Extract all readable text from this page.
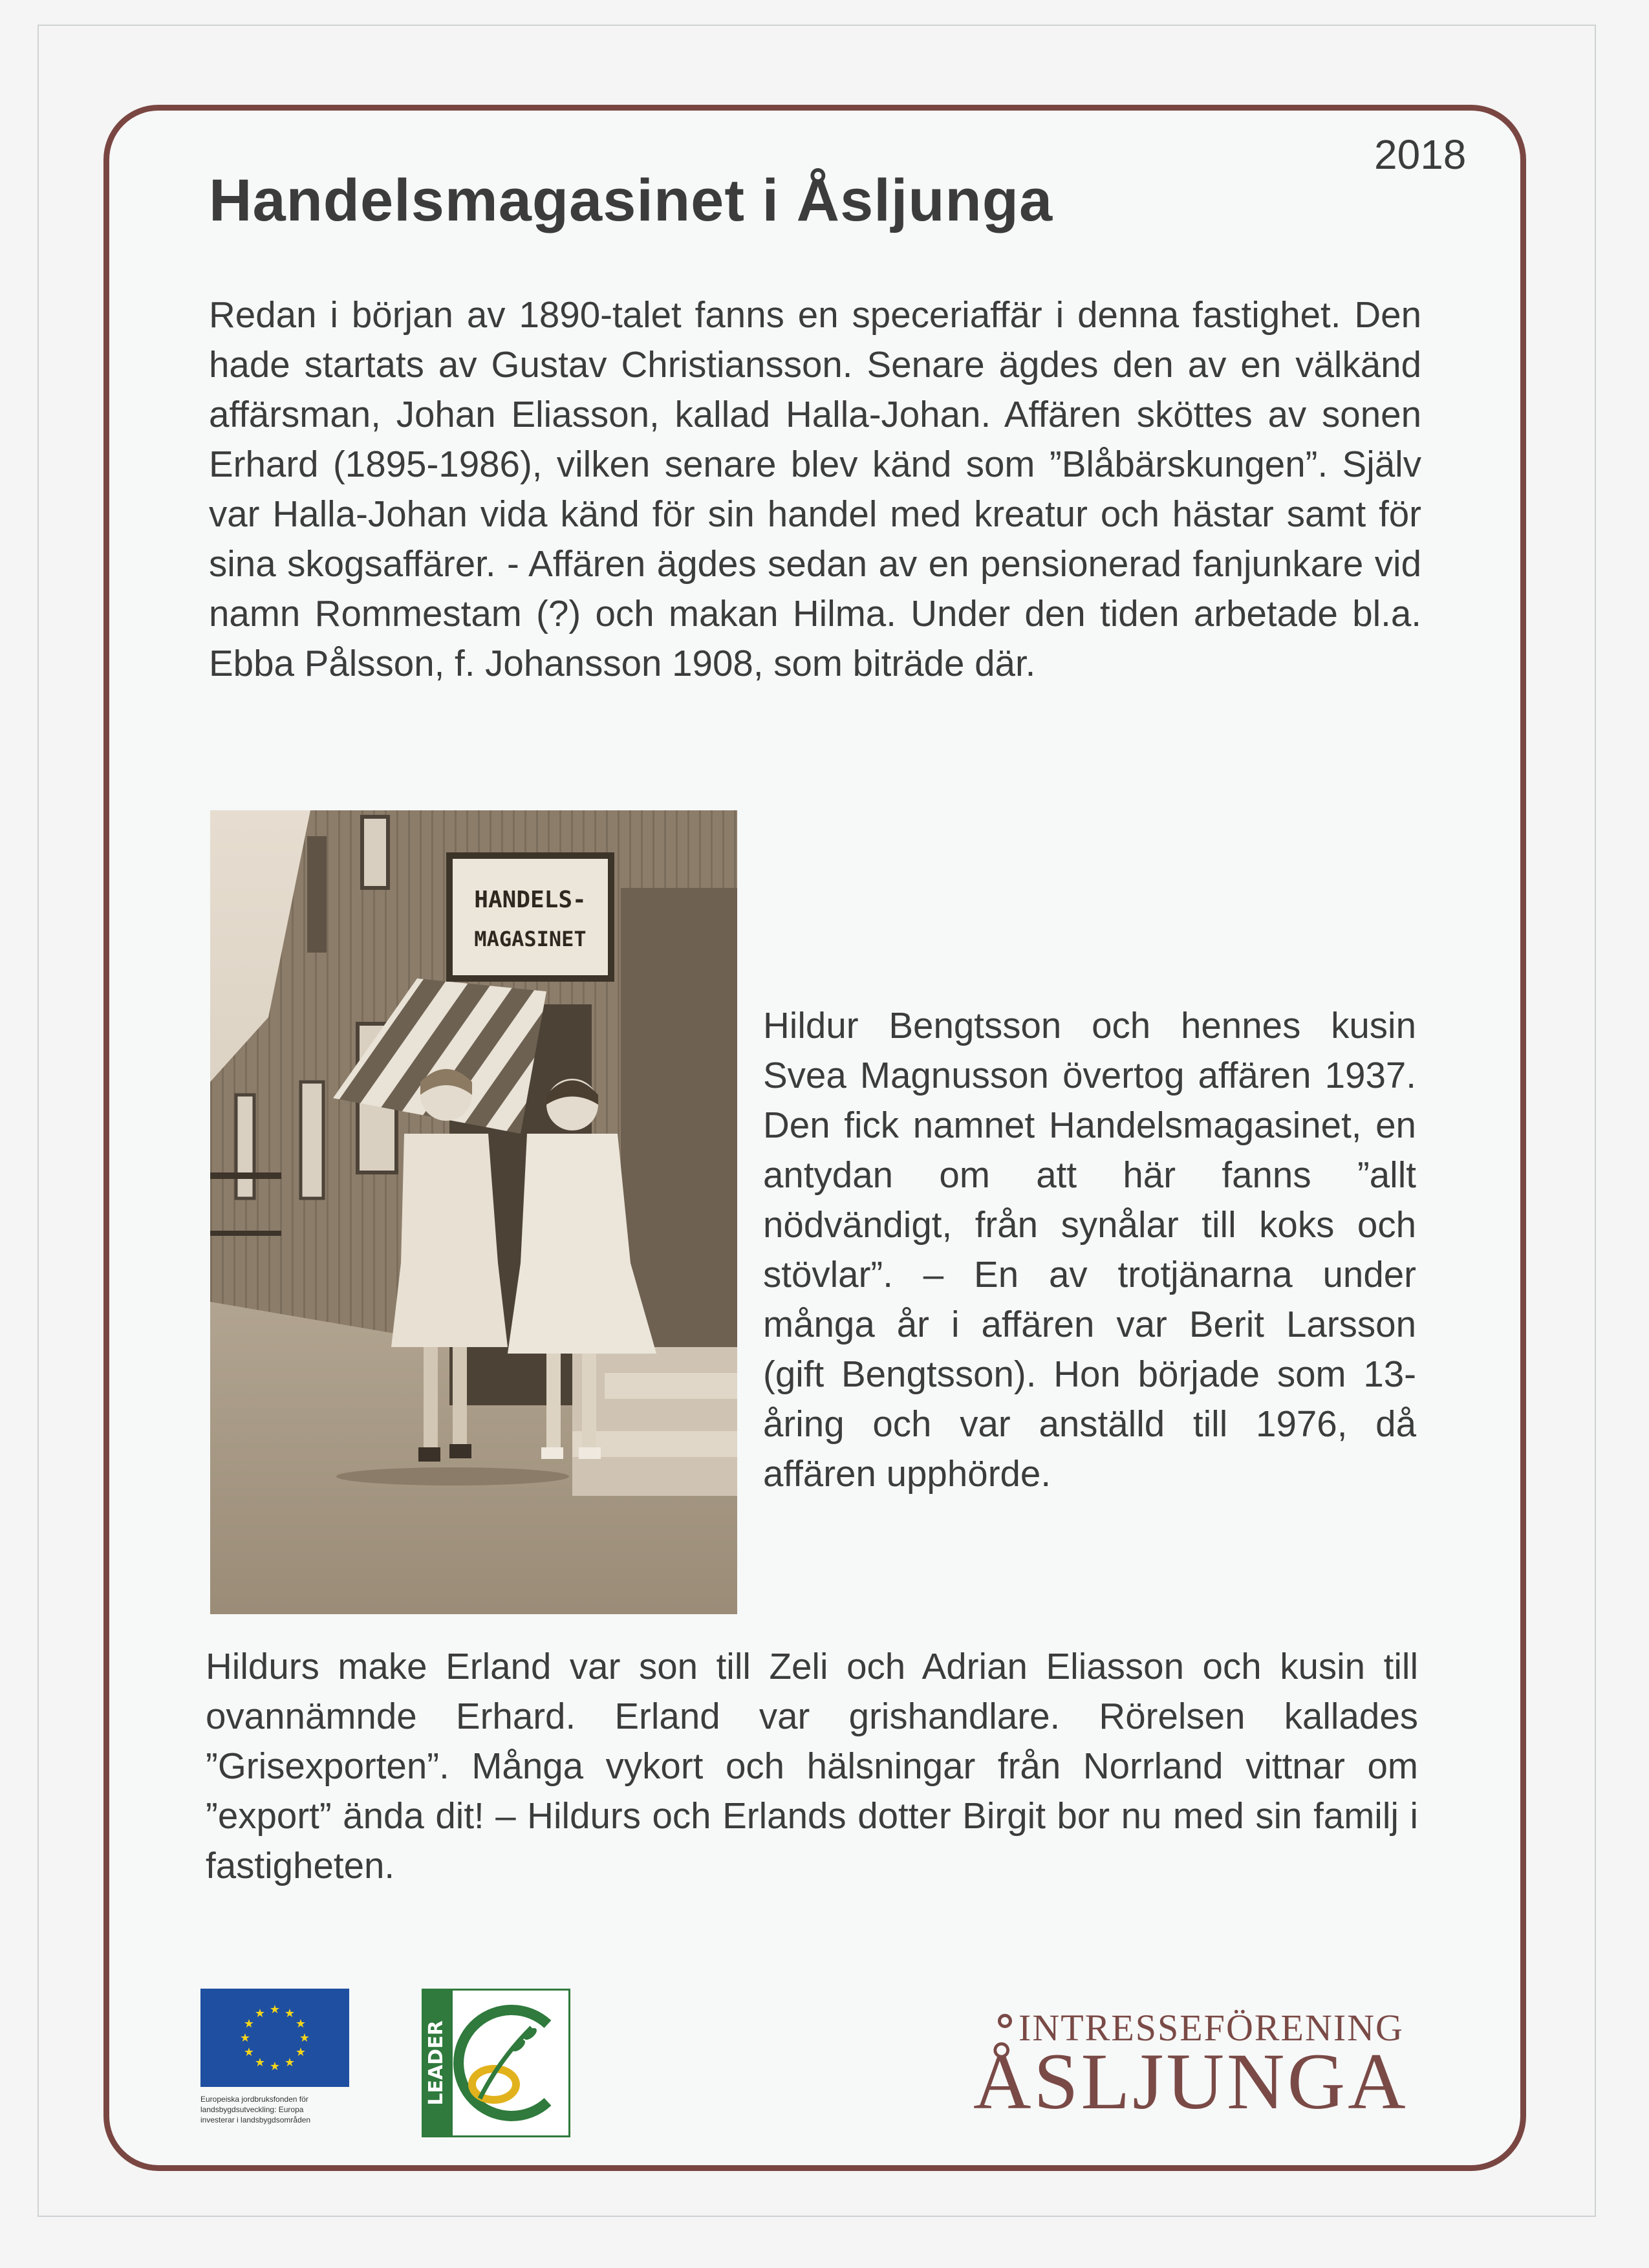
Handelsmagasinet i Åsljunga
2018

Redan i början av 1890-talet fanns en speceriaffär i denna fastighet. Den hade startats av Gustav Christiansson. Senare ägdes den av en välkänd affärsman, Johan Eliasson, kallad Halla-Johan. Affären sköttes av sonen Erhard (1895-1986), vilken senare blev känd som ”Blåbärskungen”. Själv var Halla-Johan vida känd för sin handel med kreatur och hästar samt för sina skogsaffärer. - Affären ägdes sedan av en pensionerad fanjunkare vid namn Rommestam (?) och makan Hilma. Under den tiden arbetade bl.a. Ebba Pålsson, f. Johansson 1908, som biträde där.

HANDELS-
MAGASINET

Hildur Bengtsson och hennes kusin Svea Magnusson övertog affären 1937. Den fick namnet Handelsmagasinet, en antydan om att här fanns ”allt nödvändigt, från synålar till koks och stövlar”. – En av trotjänarna under många år i affären var Berit Larsson (gift Bengtsson). Hon började som 13-åring och var anställd till 1976, då affären upphörde.

Hildurs make Erland var son till Zeli och Adrian Eliasson och kusin till ovannämnde Erhard. Erland var grishandlare. Rörelsen kallades ”Grisexporten”. Många vykort och hälsningar från Norrland vittnar om ”export” ända dit! – Hildurs och Erlands dotter Birgit bor nu med sin familj i fastigheten.

★ ★
★
★
★
★
★
★
★
★
★
★
Europeiska jordbruksfonden för
landsbygdsutveckling: Europa
investerar i landsbygdsområden
LEADER	INTRESSEFÖRENING
ÅSLJUNGA
